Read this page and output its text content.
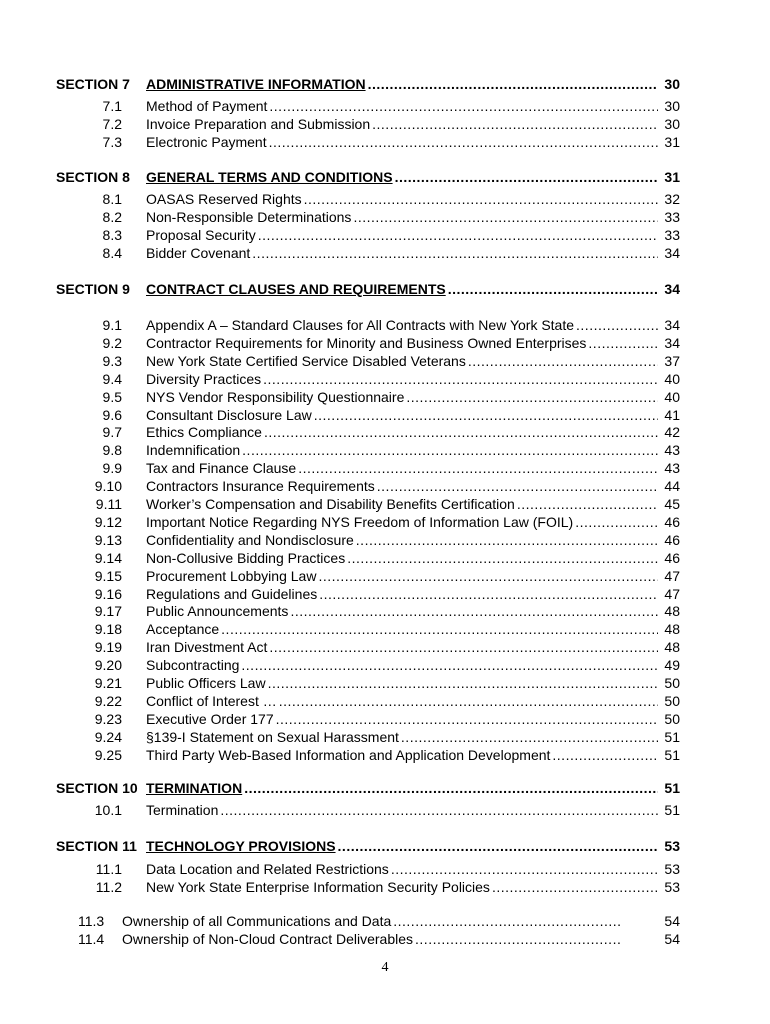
SECTION 7	ADMINISTRATIVE INFORMATION .....	30
7.1 Method of Payment .....	30
7.2 Invoice Preparation and Submission .....	30
7.3 Electronic Payment .....	31
SECTION 8	GENERAL TERMS AND CONDITIONS .....	31
8.1 OASAS Reserved Rights .....	32
8.2 Non-Responsible Determinations .....	33
8.3 Proposal Security .....	33
8.4 Bidder Covenant .....	34
SECTION 9	CONTRACT CLAUSES AND REQUIREMENTS .....	34
9.1 Appendix A – Standard Clauses for All Contracts with New York State .....	34
9.2 Contractor Requirements for Minority and Business Owned Enterprises .....	34
9.3 New York State Certified Service Disabled Veterans .....	37
9.4 Diversity Practices .....	40
9.5 NYS Vendor Responsibility Questionnaire .....	40
9.6 Consultant Disclosure Law .....	41
9.7 Ethics Compliance .....	42
9.8 Indemnification .....	43
9.9 Tax and Finance Clause .....	43
9.10 Contractors Insurance Requirements .....	44
9.11 Worker’s Compensation and Disability Benefits Certification .....	45
9.12 Important Notice Regarding NYS Freedom of Information Law (FOIL) .....	46
9.13 Confidentiality and Nondisclosure .....	46
9.14 Non-Collusive Bidding Practices .....	46
9.15 Procurement Lobbying Law .....	47
9.16 Regulations and Guidelines .....	47
9.17 Public Announcements .....	48
9.18 Acceptance .....	48
9.19 Iran Divestment Act .....	48
9.20 Subcontracting .....	49
9.21 Public Officers Law .....	50
9.22 Conflict of Interest … .....	50
9.23 Executive Order 177 .....	50
9.24 §139-I Statement on Sexual Harassment .....	51
9.25 Third Party Web-Based Information and Application Development .....	51
SECTION 10 TERMINATION .....	51
10.1 Termination .....	51
SECTION 11 TECHNOLOGY PROVISIONS .....	53
11.1 Data Location and Related Restrictions .....	53
11.2 New York State Enterprise Information Security Policies .....	53
11.3	Ownership of all Communications and Data .....	54
11.4	Ownership of Non-Cloud Contract Deliverables .....	54
4
